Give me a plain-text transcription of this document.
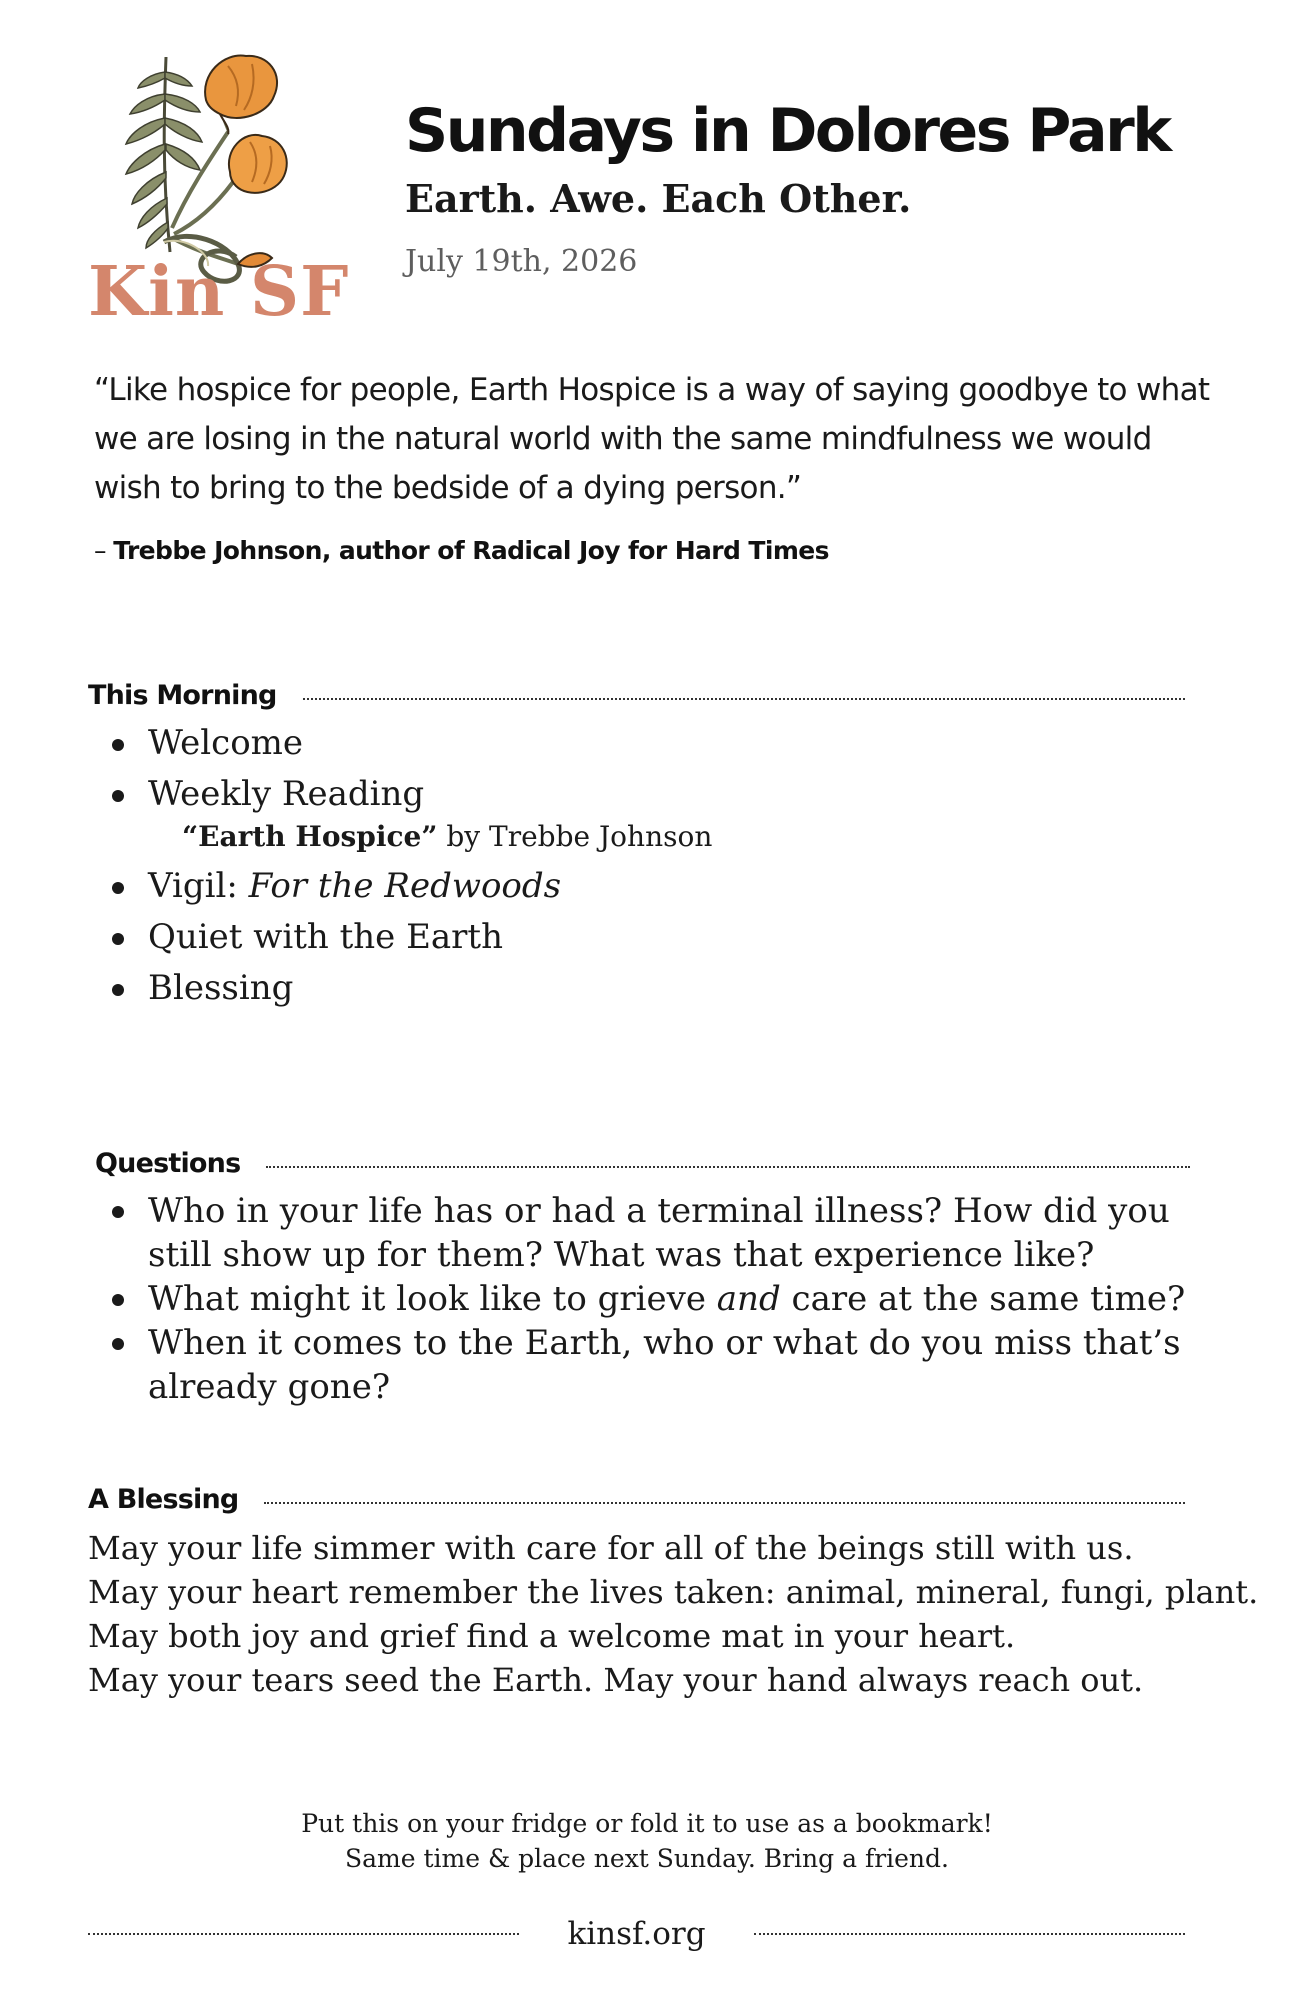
Kin SF
Sundays in Dolores Park
Earth. Awe. Each Other.
July 19th, 2026

“Like hospice for people, Earth Hospice is a way of saying goodbye to what we are losing in the natural world with the same mindfulness we would wish to bring to the bedside of a dying person.”

– Trebbe Johnson, author of Radical Joy for Hard Times
This Morning
Welcome
Weekly Reading
“Earth Hospice” by Trebbe Johnson
Vigil: For the Redwoods
Quiet with the Earth
Blessing
Questions
Who in your life has or had a terminal illness? How did you still show up for them? What was that experience like?
What might it look like to grieve and care at the same time?
When it comes to the Earth, who or what do you miss that’s already gone?
A Blessing
May your life simmer with care for all of the beings still with us.
May your heart remember the lives taken: animal, mineral, fungi, plant.
May both joy and grief find a welcome mat in your heart.
May your tears seed the Earth. May your hand always reach out.
Put this on your fridge or fold it to use as a bookmark!
Same time & place next Sunday. Bring a friend.
kinsf.org
